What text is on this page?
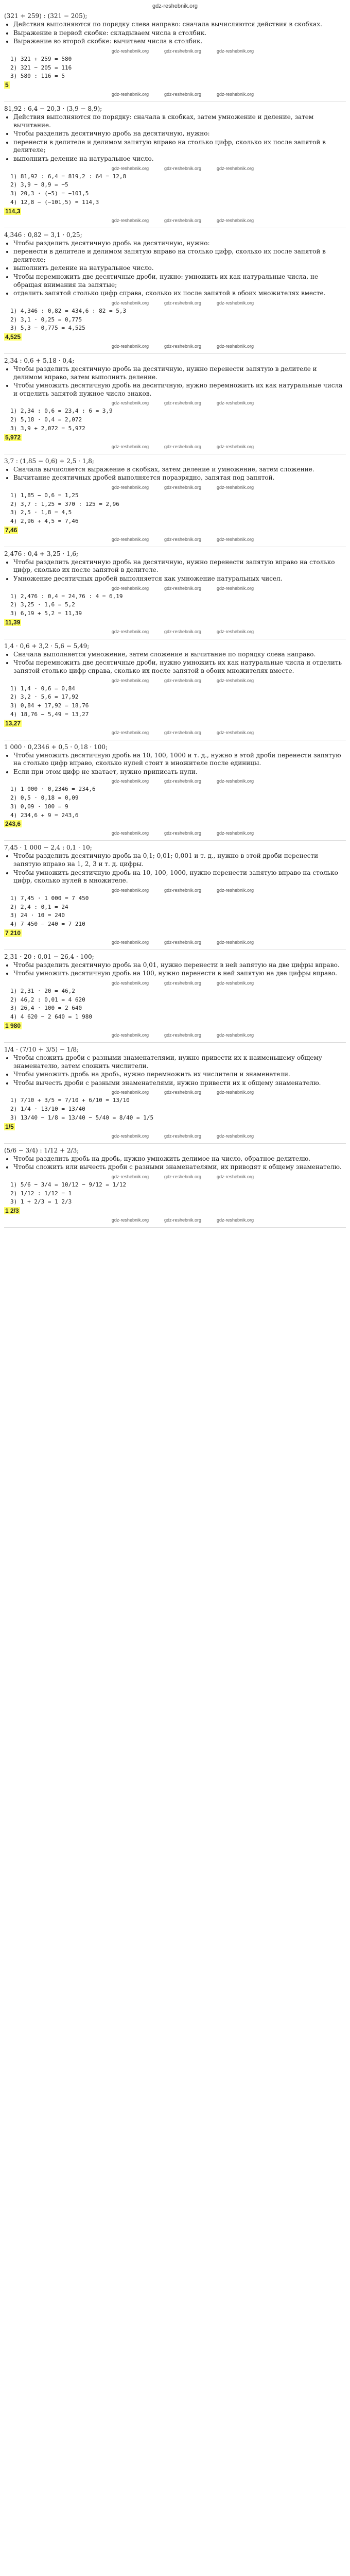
gdz-reshebnik.org
(321 + 259) : (321 − 205);
• Действия выполняются по порядку слева направо: сначала вычисляются действия в скобках.
• Выражение в первой скобке: складываем числа в столбик.
• Выражение во второй скобке: вычитаем числа в столбик.
gdz-reshebnik.org	gdz-reshebnik.org	gdz-reshebnik.org
1) 321 + 259 = 580
2) 321 − 205 = 116
3) 580 : 116 = 5
5
gdz-reshebnik.org	gdz-reshebnik.org	gdz-reshebnik.org
81,92 : 6,4 − 20,3 · (3,9 − 8,9);
• Действия выполняются по порядку: сначала в скобках, затем умножение и деление, затем вычитание.
• Чтобы разделить десятичную дробь на десятичную, нужно:
• перенести в делителе и делимом запятую вправо на столько цифр, сколько их после запятой в делителе;
• выполнить деление на натуральное число.
gdz-reshebnik.org	gdz-reshebnik.org	gdz-reshebnik.org
1) 81,92 : 6,4 = 819,2 : 64 = 12,8
2) 3,9 − 8,9 = −5
3) 20,3 · (−5) = −101,5
4) 12,8 − (−101,5) = 114,3
114,3
gdz-reshebnik.org	gdz-reshebnik.org	gdz-reshebnik.org
4,346 : 0,82 − 3,1 · 0,25;
• Чтобы разделить десятичную дробь на десятичную, нужно:
• перенести в делителе и делимом запятую вправо на столько цифр, сколько их после запятой в делителе;
• выполнить деление на натуральное число.
• Чтобы перемножить две десятичные дроби, нужно: умножить их как натуральные числа, не обращая внимания на запятые;
• отделить запятой столько цифр справа, сколько их после запятой в обоих множителях вместе.
gdz-reshebnik.org	gdz-reshebnik.org	gdz-reshebnik.org
1) 4,346 : 0,82 = 434,6 : 82 = 5,3
2) 3,1 · 0,25 = 0,775
3) 5,3 − 0,775 = 4,525
4,525
gdz-reshebnik.org	gdz-reshebnik.org	gdz-reshebnik.org
2,34 : 0,6 + 5,18 · 0,4;
• Чтобы разделить десятичную дробь на десятичную, нужно перенести запятую в делителе и делимом вправо, затем выполнить деление.
• Чтобы умножить десятичную дробь на десятичную, нужно перемножить их как натуральные числа и отделить запятой нужное число знаков.
gdz-reshebnik.org	gdz-reshebnik.org	gdz-reshebnik.org
1) 2,34 : 0,6 = 23,4 : 6 = 3,9
2) 5,18 · 0,4 = 2,072
3) 3,9 + 2,072 = 5,972
5,972
gdz-reshebnik.org	gdz-reshebnik.org	gdz-reshebnik.org
3,7 : (1,85 − 0,6) + 2,5 · 1,8;
• Сначала вычисляется выражение в скобках, затем деление и умножение, затем сложение.
• Вычитание десятичных дробей выполняется поразрядно, запятая под запятой.
gdz-reshebnik.org	gdz-reshebnik.org	gdz-reshebnik.org
1) 1,85 − 0,6 = 1,25
2) 3,7 : 1,25 = 370 : 125 = 2,96
3) 2,5 · 1,8 = 4,5
4) 2,96 + 4,5 = 7,46
7,46
gdz-reshebnik.org	gdz-reshebnik.org	gdz-reshebnik.org
2,476 : 0,4 + 3,25 · 1,6;
• Чтобы разделить десятичную дробь на десятичную, нужно перенести запятую вправо на столько цифр, сколько их после запятой в делителе.
• Умножение десятичных дробей выполняется как умножение натуральных чисел.
gdz-reshebnik.org	gdz-reshebnik.org	gdz-reshebnik.org
1) 2,476 : 0,4 = 24,76 : 4 = 6,19
2) 3,25 · 1,6 = 5,2
3) 6,19 + 5,2 = 11,39
11,39
gdz-reshebnik.org	gdz-reshebnik.org	gdz-reshebnik.org
1,4 · 0,6 + 3,2 · 5,6 − 5,49;
• Сначала выполняется умножение, затем сложение и вычитание по порядку слева направо.
• Чтобы перемножить две десятичные дроби, нужно умножить их как натуральные числа и отделить запятой столько цифр справа, сколько их после запятой в обоих множителях вместе.
gdz-reshebnik.org	gdz-reshebnik.org	gdz-reshebnik.org
1) 1,4 · 0,6 = 0,84
2) 3,2 · 5,6 = 17,92
3) 0,84 + 17,92 = 18,76
4) 18,76 − 5,49 = 13,27
13,27
gdz-reshebnik.org	gdz-reshebnik.org	gdz-reshebnik.org
1 000 · 0,2346 + 0,5 · 0,18 · 100;
• Чтобы умножить десятичную дробь на 10, 100, 1000 и т. д., нужно в этой дроби перенести запятую на столько цифр вправо, сколько нулей стоит в множителе после единицы.
• Если при этом цифр не хватает, нужно приписать нули.
gdz-reshebnik.org	gdz-reshebnik.org	gdz-reshebnik.org
1) 1 000 · 0,2346 = 234,6
2) 0,5 · 0,18 = 0,09
3) 0,09 · 100 = 9
4) 234,6 + 9 = 243,6
243,6
gdz-reshebnik.org	gdz-reshebnik.org	gdz-reshebnik.org
7,45 · 1 000 − 2,4 : 0,1 · 10;
• Чтобы разделить десятичную дробь на 0,1; 0,01; 0,001 и т. д., нужно в этой дроби перенести запятую вправо на 1, 2, 3 и т. д. цифры.
• Чтобы умножить десятичную дробь на 10, 100, 1000, нужно перенести запятую вправо на столько цифр, сколько нулей в множителе.
gdz-reshebnik.org	gdz-reshebnik.org	gdz-reshebnik.org
1) 7,45 · 1 000 = 7 450
2) 2,4 : 0,1 = 24
3) 24 · 10 = 240
4) 7 450 − 240 = 7 210
7 210
gdz-reshebnik.org	gdz-reshebnik.org	gdz-reshebnik.org
2,31 · 20 : 0,01 − 26,4 · 100;
• Чтобы разделить десятичную дробь на 0,01, нужно перенести в ней запятую на две цифры вправо.
• Чтобы умножить десятичную дробь на 100, нужно перенести в ней запятую на две цифры вправо.
gdz-reshebnik.org	gdz-reshebnik.org	gdz-reshebnik.org
1) 2,31 · 20 = 46,2
2) 46,2 : 0,01 = 4 620
3) 26,4 · 100 = 2 640
4) 4 620 − 2 640 = 1 980
1 980
gdz-reshebnik.org	gdz-reshebnik.org	gdz-reshebnik.org
1/4 · (7/10 + 3/5) − 1/8;
• Чтобы сложить дроби с разными знаменателями, нужно привести их к наименьшему общему знаменателю, затем сложить числители.
• Чтобы умножить дробь на дробь, нужно перемножить их числители и знаменатели.
• Чтобы вычесть дроби с разными знаменателями, нужно привести их к общему знаменателю.
gdz-reshebnik.org	gdz-reshebnik.org	gdz-reshebnik.org
1) 7/10 + 3/5 = 7/10 + 6/10 = 13/10
2) 1/4 · 13/10 = 13/40
3) 13/40 − 1/8 = 13/40 − 5/40 = 8/40 = 1/5
1/5
gdz-reshebnik.org	gdz-reshebnik.org	gdz-reshebnik.org
(5/6 − 3/4) : 1/12 + 2/3;
• Чтобы разделить дробь на дробь, нужно умножить делимое на число, обратное делителю.
• Чтобы сложить или вычесть дроби с разными знаменателями, их приводят к общему знаменателю.
gdz-reshebnik.org	gdz-reshebnik.org	gdz-reshebnik.org
1) 5/6 − 3/4 = 10/12 − 9/12 = 1/12
2) 1/12 : 1/12 = 1
3) 1 + 2/3 = 1 2/3
1 2/3
gdz-reshebnik.org	gdz-reshebnik.org	gdz-reshebnik.org
